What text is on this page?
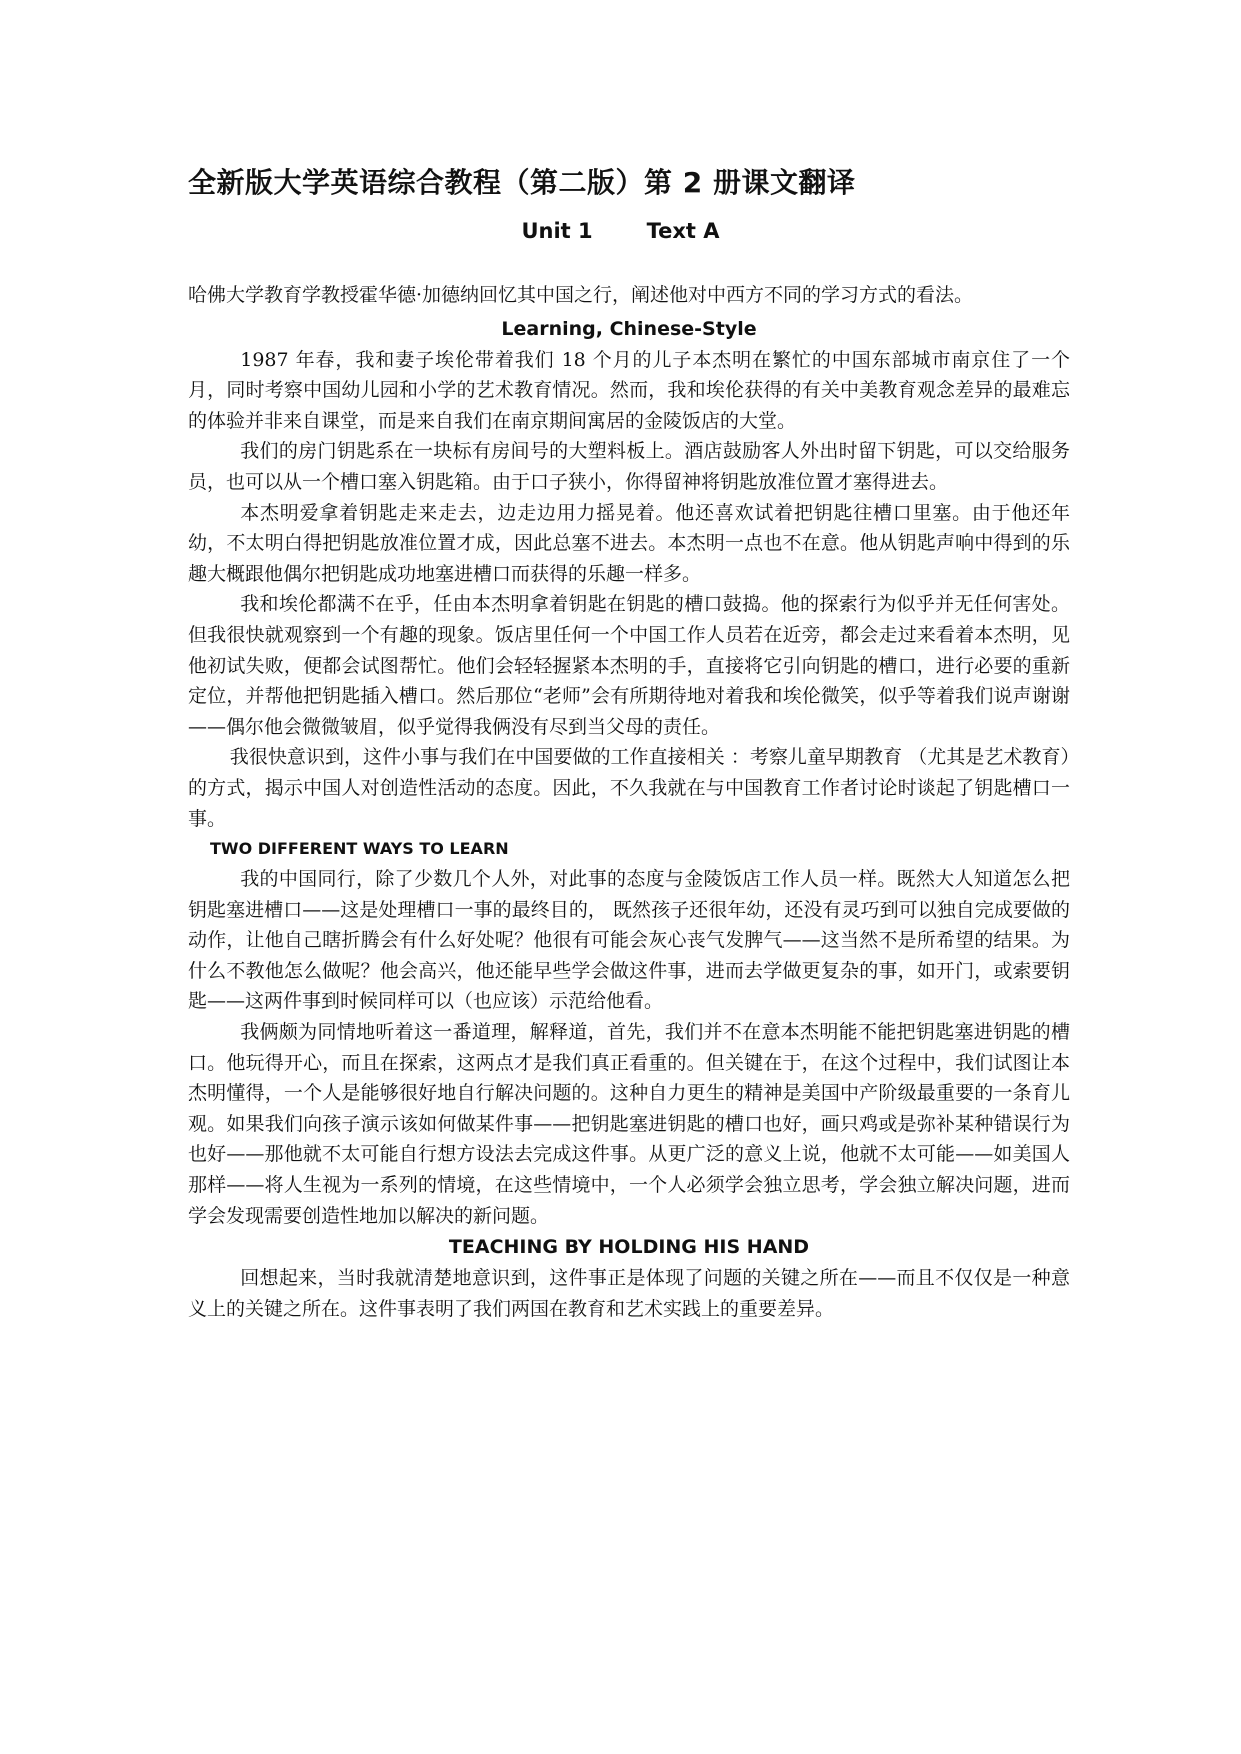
全新版大学英语综合教程（第二版）第 2 册课文翻译
Unit 1	Text A

哈佛大学教育学教授霍华德·加德纳回忆其中国之行，阐述他对中西方不同的学习方式的看法。

Learning, Chinese-Style

1987 年春，我和妻子埃伦带着我们 18 个月的儿子本杰明在繁忙的中国东部城市南京住了一个月，同时考察中国幼儿园和小学的艺术教育情况。然而，我和埃伦获得的有关中美教育观念差异的最难忘的体验并非来自课堂，而是来自我们在南京期间寓居的金陵饭店的大堂。

我们的房门钥匙系在一块标有房间号的大塑料板上。酒店鼓励客人外出时留下钥匙，可以交给服务员，也可以从一个槽口塞入钥匙箱。由于口子狭小，你得留神将钥匙放准位置才塞得进去。

本杰明爱拿着钥匙走来走去，边走边用力摇晃着。他还喜欢试着把钥匙往槽口里塞。由于他还年幼，不太明白得把钥匙放准位置才成，因此总塞不进去。本杰明一点也不在意。他从钥匙声响中得到的乐趣大概跟他偶尔把钥匙成功地塞进槽口而获得的乐趣一样多。

我和埃伦都满不在乎，任由本杰明拿着钥匙在钥匙的槽口鼓捣。他的探索行为似乎并无任何害处。但我很快就观察到一个有趣的现象。饭店里任何一个中国工作人员若在近旁，都会走过来看着本杰明，见他初试失败，便都会试图帮忙。他们会轻轻握紧本杰明的手，直接将它引向钥匙的槽口，进行必要的重新定位，并帮他把钥匙插入槽口。然后那位“老师”会有所期待地对着我和埃伦微笑，似乎等着我们说声谢谢——偶尔他会微微皱眉，似乎觉得我俩没有尽到当父母的责任。

我很快意识到，这件小事与我们在中国要做的工作直接相关 ：考察儿童早期教育 （尤其是艺术教育）的方式，揭示中国人对创造性活动的态度。因此，不久我就在与中国教育工作者讨论时谈起了钥匙槽口一事。

TWO DIFFERENT WAYS TO LEARN

我的中国同行，除了少数几个人外，对此事的态度与金陵饭店工作人员一样。既然大人知道怎么把钥匙塞进槽口——这是处理槽口一事的最终目的， 既然孩子还很年幼，还没有灵巧到可以独自完成要做的动作，让他自己瞎折腾会有什么好处呢？他很有可能会灰心丧气发脾气——这当然不是所希望的结果。为什么不教他怎么做呢？他会高兴，他还能早些学会做这件事，进而去学做更复杂的事，如开门，或索要钥匙——这两件事到时候同样可以（也应该）示范给他看。

我俩颇为同情地听着这一番道理，解释道，首先，我们并不在意本杰明能不能把钥匙塞进钥匙的槽口。他玩得开心，而且在探索，这两点才是我们真正看重的。但关键在于，在这个过程中，我们试图让本杰明懂得，一个人是能够很好地自行解决问题的。这种自力更生的精神是美国中产阶级最重要的一条育儿观。如果我们向孩子演示该如何做某件事——把钥匙塞进钥匙的槽口也好，画只鸡或是弥补某种错误行为也好——那他就不太可能自行想方设法去完成这件事。从更广泛的意义上说，他就不太可能——如美国人那样——将人生视为一系列的情境，在这些情境中，一个人必须学会独立思考，学会独立解决问题，进而学会发现需要创造性地加以解决的新问题。

TEACHING BY HOLDING HIS HAND

回想起来，当时我就清楚地意识到，这件事正是体现了问题的关键之所在——而且不仅仅是一种意义上的关键之所在。这件事表明了我们两国在教育和艺术实践上的重要差异。
